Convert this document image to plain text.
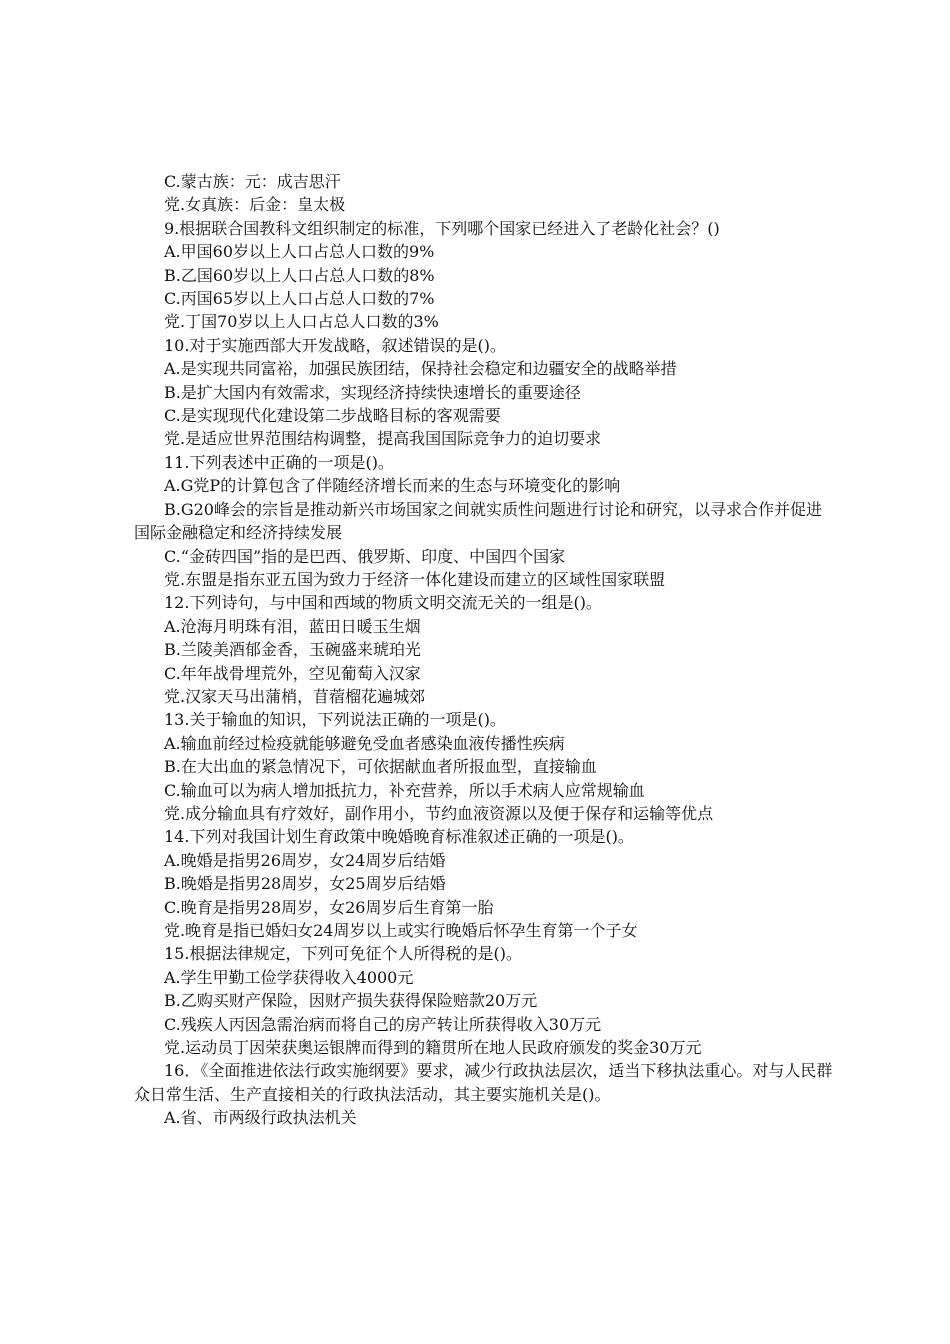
C.蒙古族：元：成吉思汗
党.女真族：后金：皇太极
9.根据联合国教科文组织制定的标准，下列哪个国家已经进入了老龄化社会？()
A.甲国60岁以上人口占总人口数的9%
B.乙国60岁以上人口占总人口数的8%
C.丙国65岁以上人口占总人口数的7%
党.丁国70岁以上人口占总人口数的3%
10.对于实施西部大开发战略，叙述错误的是()。
A.是实现共同富裕，加强民族团结，保持社会稳定和边疆安全的战略举措
B.是扩大国内有效需求，实现经济持续快速增长的重要途径
C.是实现现代化建设第二步战略目标的客观需要
党.是适应世界范围结构调整，提高我国国际竞争力的迫切要求
11.下列表述中正确的一项是()。
A.G党P的计算包含了伴随经济增长而来的生态与环境变化的影响
B.G20峰会的宗旨是推动新兴市场国家之间就实质性问题进行讨论和研究，以寻求合作并促进国际金融稳定和经济持续发展
C.“金砖四国”指的是巴西、俄罗斯、印度、中国四个国家
党.东盟是指东亚五国为致力于经济一体化建设而建立的区域性国家联盟
12.下列诗句，与中国和西域的物质文明交流无关的一组是()。
A.沧海月明珠有泪，蓝田日暖玉生烟
B.兰陵美酒郁金香，玉碗盛来琥珀光
C.年年战骨埋荒外，空见葡萄入汉家
党.汉家天马出蒲梢，苜蓿榴花遍城郊
13.关于输血的知识，下列说法正确的一项是()。
A.输血前经过检疫就能够避免受血者感染血液传播性疾病
B.在大出血的紧急情况下，可依据献血者所报血型，直接输血
C.输血可以为病人增加抵抗力，补充营养，所以手术病人应常规输血
党.成分输血具有疗效好，副作用小，节约血液资源以及便于保存和运输等优点
14.下列对我国计划生育政策中晚婚晚育标准叙述正确的一项是()。
A.晚婚是指男26周岁，女24周岁后结婚
B.晚婚是指男28周岁，女25周岁后结婚
C.晚育是指男28周岁，女26周岁后生育第一胎
党.晚育是指已婚妇女24周岁以上或实行晚婚后怀孕生育第一个子女
15.根据法律规定，下列可免征个人所得税的是()。
A.学生甲勤工俭学获得收入4000元
B.乙购买财产保险，因财产损失获得保险赔款20万元
C.残疾人丙因急需治病而将自己的房产转让所获得收入30万元
党.运动员丁因荣获奥运银牌而得到的籍贯所在地人民政府颁发的奖金30万元
16．《全面推进依法行政实施纲要》要求，减少行政执法层次，适当下移执法重心。对与人民群众日常生活、生产直接相关的行政执法活动，其主要实施机关是()。
A.省、市两级行政执法机关
